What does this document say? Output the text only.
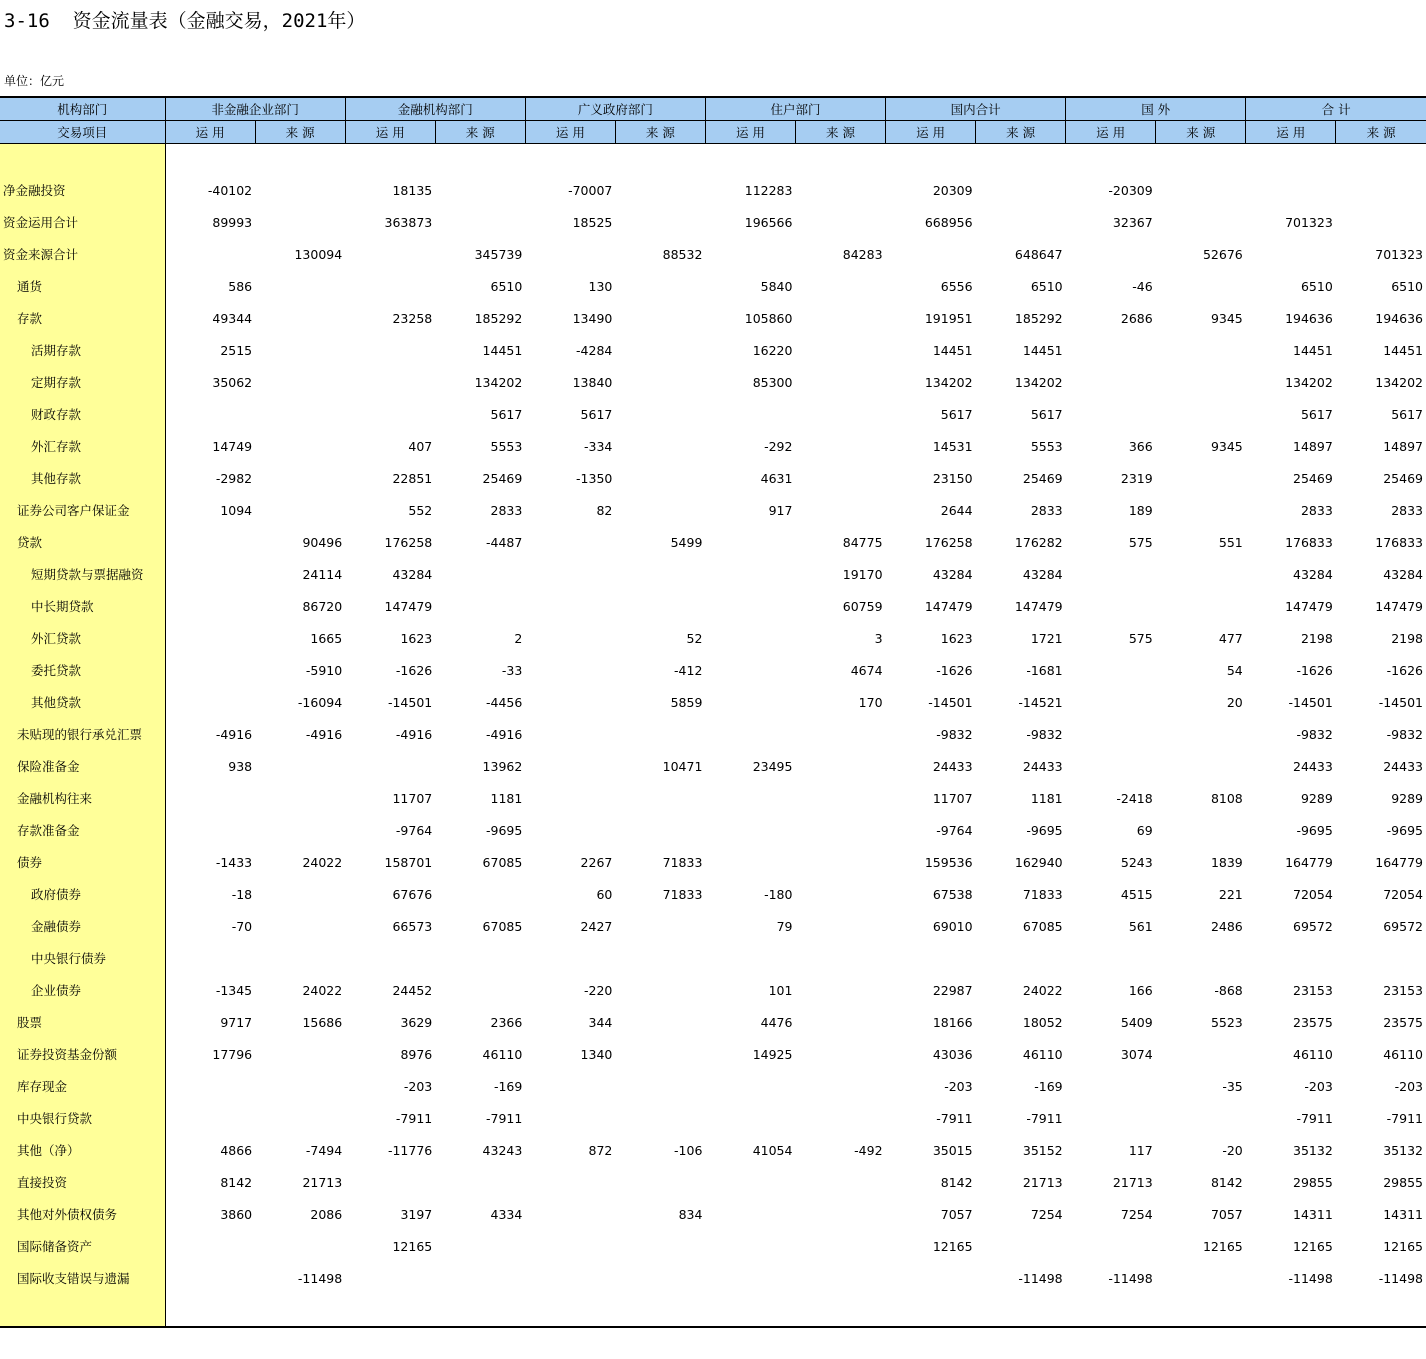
3-16  资金流量表（金融交易，2021年）
单位：亿元
机构部门	非金融企业部门		金融机构部门		广义政府部门		住户部门		国内合计		国 外		合 计	
交易项目	运 用	来 源	运 用	来 源	运 用	来 源	运 用	来 源	运 用	来 源	运 用	来 源	运 用	来 源

净金融投资	-40102		18135		-70007		112283		20309		-20309			
资金运用合计	89993		363873		18525		196566		668956		32367		701323	
资金来源合计		130094		345739		88532		84283		648647		52676		701323
通货	586			6510	130		5840		6556	6510	-46		6510	6510
存款	49344		23258	185292	13490		105860		191951	185292	2686	9345	194636	194636
活期存款	2515			14451	-4284		16220		14451	14451			14451	14451
定期存款	35062			134202	13840		85300		134202	134202			134202	134202
财政存款				5617	5617				5617	5617			5617	5617
外汇存款	14749		407	5553	-334		-292		14531	5553	366	9345	14897	14897
其他存款	-2982		22851	25469	-1350		4631		23150	25469	2319		25469	25469
证券公司客户保证金	1094		552	2833	82		917		2644	2833	189		2833	2833
贷款		90496	176258	-4487		5499		84775	176258	176282	575	551	176833	176833
短期贷款与票据融资		24114	43284					19170	43284	43284			43284	43284
中长期贷款		86720	147479					60759	147479	147479			147479	147479
外汇贷款		1665	1623	2		52		3	1623	1721	575	477	2198	2198
委托贷款		-5910	-1626	-33		-412		4674	-1626	-1681		54	-1626	-1626
其他贷款		-16094	-14501	-4456		5859		170	-14501	-14521		20	-14501	-14501
未贴现的银行承兑汇票	-4916	-4916	-4916	-4916					-9832	-9832			-9832	-9832
保险准备金	938			13962		10471	23495		24433	24433			24433	24433
金融机构往来			11707	1181					11707	1181	-2418	8108	9289	9289
存款准备金			-9764	-9695					-9764	-9695	69		-9695	-9695
债券	-1433	24022	158701	67085	2267	71833			159536	162940	5243	1839	164779	164779
政府债券	-18		67676		60	71833	-180		67538	71833	4515	221	72054	72054
金融债券	-70		66573	67085	2427		79		69010	67085	561	2486	69572	69572
中央银行债券														
企业债券	-1345	24022	24452		-220		101		22987	24022	166	-868	23153	23153
股票	9717	15686	3629	2366	344		4476		18166	18052	5409	5523	23575	23575
证券投资基金份额	17796		8976	46110	1340		14925		43036	46110	3074		46110	46110
库存现金			-203	-169					-203	-169		-35	-203	-203
中央银行贷款			-7911	-7911					-7911	-7911			-7911	-7911
其他（净）	4866	-7494	-11776	43243	872	-106	41054	-492	35015	35152	117	-20	35132	35132
直接投资	8142	21713							8142	21713	21713	8142	29855	29855
其他对外债权债务	3860	2086	3197	4334		834			7057	7254	7254	7057	14311	14311
国际储备资产			12165						12165			12165	12165	12165
国际收支错误与遗漏		-11498								-11498	-11498		-11498	-11498
